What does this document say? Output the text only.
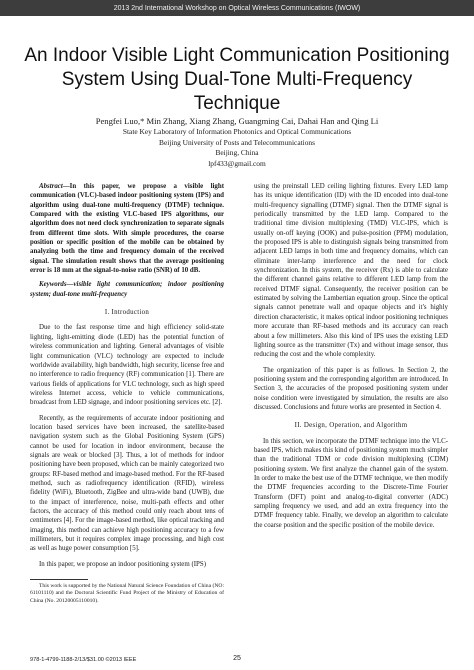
2013 2nd International Workshop on Optical Wireless Communications (IWOW)
An Indoor Visible Light Communication Positioning System Using Dual-Tone Multi-Frequency Technique
Pengfei Luo,* Min Zhang, Xiang Zhang, Guangming Cai, Dahai Han and Qing Li
State Key Laboratory of Information Photonics and Optical Communications
Beijing University of Posts and Telecommunications
Beijing, China
lpf433@gmail.com

Abstract—In this paper, we propose a visible light communication (VLC)-based indoor positioning system (IPS) and algorithm using dual-tone multi-frequency (DTMF) technique. Compared with the existing VLC-based IPS algorithms, our algorithm does not need clock synchronization to separate signals from different time slots. With simple procedures, the coarse position or specific position of the mobile can be obtained by analyzing both the time and frequency domain of the received signal. The simulation result shows that the average positioning error is 18 mm at the signal-to-noise ratio (SNR) of 10 dB.

Keywords—visible light communication; indoor positioning system; dual-tone multi-frequency

I. Introduction

Due to the fast response time and high efficiency solid-state lighting, light-emitting diode (LED) has the potential function of wireless communication and lighting. General advantages of visible light communication (VLC) technology are expected to include worldwide availability, high bandwidth, high security, license free and no interference to radio frequency (RF) communication [1]. There are various fields of applications for VLC technology, such as high speed wireless Internet access, vehicle to vehicle communications, broadcast from LED signage, and indoor positioning services etc. [2].

Recently, as the requirements of accurate indoor positioning and location based services have been increased, the satellite-based navigation system such as the Global Positioning System (GPS) cannot be used for location in indoor environment, because the signals are weak or blocked [3]. Thus, a lot of methods for indoor positioning have been proposed, which can be mainly categorized two groups: RF-based method and image-based method. For the RF-based method, such as radiofrequency identification (RFID), wireless fidelity (WiFi), Bluetooth, ZigBee and ultra-wide band (UWB), due to the impact of interference, noise, multi-path effects and other factors, the accuracy of this method could only reach about tens of centimeters [4]. For the image-based method, like optical tracking and imaging, this method can achieve high positioning accuracy to a few millimeters, but it requires complex image processing, and high cost as well as huge power consumption [5].

In this paper, we propose an indoor positioning system (IPS)

This work is supported by the National Natural Science Foundation of China (NO: 61101110) and the Doctoral Scientific Fund Project of the Ministry of Education of China (No. 20120005110010).

using the preinstall LED ceiling lighting fixtures. Every LED lamp has its unique identification (ID) with the ID encoded into dual-tone multi-frequency signalling (DTMF) signal. Then the DTMF signal is periodically transmitted by the LED lamp. Compared to the traditional time division multiplexing (TMD) VLC-IPS, which is usually on-off keying (OOK) and pulse-position (PPM) modulation, the proposed IPS is able to distinguish signals being transmitted from adjacent LED lamps in both time and frequency domains, which can eliminate inter-lamp interference and the need for clock synchronization. In this system, the receiver (Rx) is able to calculate the different channel gains relative to different LED lamp from the received DTMF signal. Consequently, the receiver position can be estimated by solving the Lambertian equation group. Since the optical signals cannot penetrate wall and opaque objects and it's highly direction characteristic, it makes optical indoor positioning techniques more accurate than RF-based methods and its accuracy can reach about a few millimeters. Also this kind of IPS uses the existing LED lighting source as the transmitter (Tx) and without image sensor, thus reducing the cost and the whole complexity.

The organization of this paper is as follows. In Section 2, the positioning system and the corresponding algorithm are introduced. In Section 3, the accuracies of the proposed positioning system under noise condition were investigated by simulation, the results are also discussed. Conclusions and future works are presented in Section 4.

II. Design, Operation, and Algorithm

In this section, we incorporate the DTMF technique into the VLC-based IPS, which makes this kind of positioning system much simpler than the traditional TDM or code division multiplexing (CDM) positioning system. We first analyze the channel gain of the system. In order to make the best use of the DTMF technique, we then modify the DTMF frequencies according to the Discrete-Time Fourier Transform (DFT) point and analog-to-digital converter (ADC) sampling frequency we used, and add an extra frequency into the DTMF frequency table. Finally, we develop an algorithm to calculate the coarse position and the specific position of the mobile device.

978-1-4799-1188-2/13/$31.00 ©2013 IEEE	25
